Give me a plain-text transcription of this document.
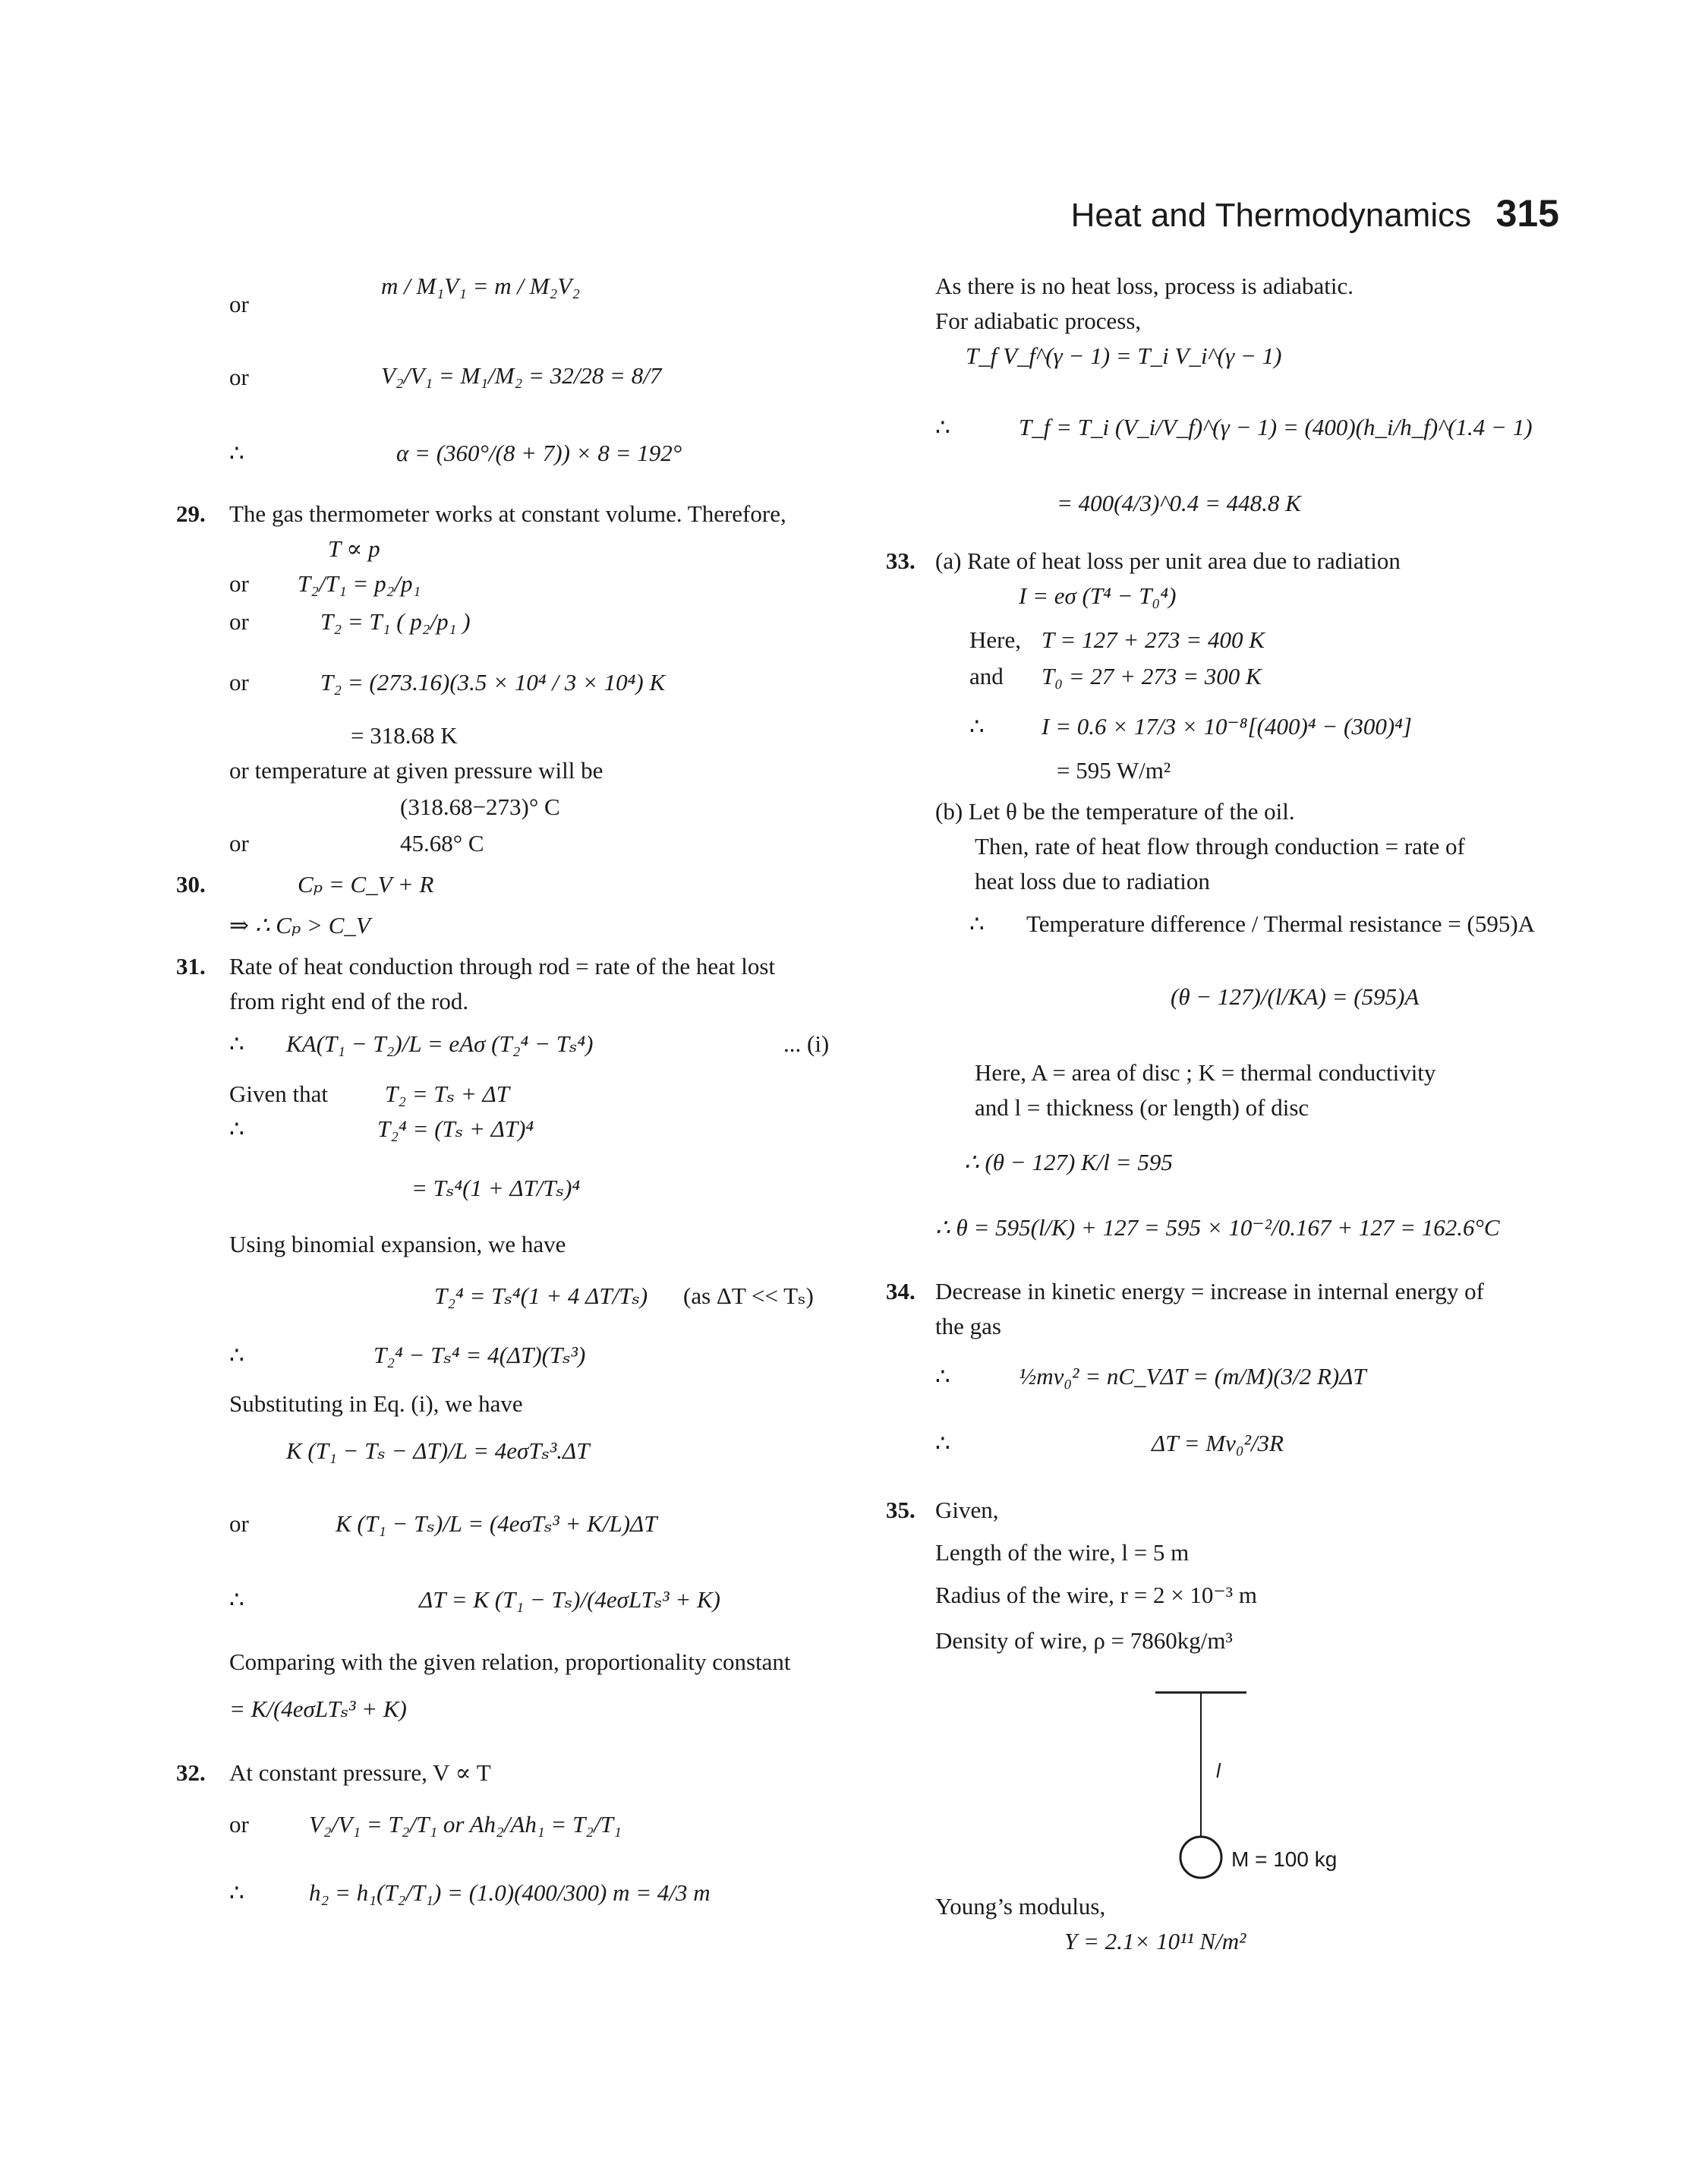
Heat and Thermodynamics 315
or
m / M₁V₁ = m / M₂V₂
or	V₂/V₁ = M₁/M₂ = 32/28 = 8/7
∴	α = (360°/(8 + 7)) × 8 = 192°
29. The gas thermometer works at constant volume. Therefore,
T ∝ p
or T₂/T₁ = p₂/p₁
or	T₂ = T₁ ( p₂/p₁ )
or	T₂ = (273.16)(3.5 × 10⁴ / 3 × 10⁴) K
= 318.68 K
or temperature at given pressure will be
(318.68−273)° C
or	45.68° C
30.	Cₚ = C_V + R
⇒ ∴ Cₚ > C_V
31. Rate of heat conduction through rod = rate of the heat lost
from right end of the rod.
∴ KA(T₁ − T₂)/L = eAσ (T₂⁴ − Tₛ⁴)	... (i)
Given that T₂ = Tₛ + ΔT
∴	T₂⁴ = (Tₛ + ΔT)⁴
= Tₛ⁴(1 + ΔT/Tₛ)⁴
Using binomial expansion, we have
T₂⁴ = Tₛ⁴(1 + 4 ΔT/Tₛ) (as ΔT << Tₛ)
∴	T₂⁴ − Tₛ⁴ = 4(ΔT)(Tₛ³)
Substituting in Eq. (i), we have
K (T₁ − Tₛ − ΔT)/L = 4eσTₛ³.ΔT
or	K (T₁ − Tₛ)/L = (4eσTₛ³ + K/L)ΔT
∴	ΔT = K (T₁ − Tₛ)/(4eσLTₛ³ + K)
Comparing with the given relation, proportionality constant
= K/(4eσLTₛ³ + K)
32. At constant pressure, V ∝ T
or	V₂/V₁ = T₂/T₁ or Ah₂/Ah₁ = T₂/T₁
∴	h₂ = h₁(T₂/T₁) = (1.0)(400/300) m = 4/3 m
As there is no heat loss, process is adiabatic.
For adiabatic process,
T_f V_f^(γ − 1) = T_i V_i^(γ − 1)
∴	T_f = T_i (V_i/V_f)^(γ − 1) = (400)(h_i/h_f)^(1.4 − 1)
= 400(4/3)^0.4 = 448.8 K
33. (a) Rate of heat loss per unit area due to radiation
I = eσ (T⁴ − T₀⁴)
Here, T = 127 + 273 = 400 K
and T₀ = 27 + 273 = 300 K
∴ I = 0.6 × 17/3 × 10⁻⁸[(400)⁴ − (300)⁴]
= 595 W/m²
(b) Let θ be the temperature of the oil.
Then, rate of heat flow through conduction = rate of
heat loss due to radiation
∴ Temperature difference / Thermal resistance = (595)A
(θ − 127)/(l/KA) = (595)A
Here, A = area of disc ; K = thermal conductivity
and l = thickness (or length) of disc
∴ (θ − 127) K/l = 595
∴ θ = 595(l/K) + 127 = 595 × 10⁻²/0.167 + 127 = 162.6°C
34. Decrease in kinetic energy = increase in internal energy of
the gas
∴	½mv₀² = nC_VΔT = (m/M)(3/2 R)ΔT
∴	ΔT = Mv₀²/3R
35. Given,
Length of the wire, l = 5 m
Radius of the wire, r = 2 × 10⁻³ m
Density of wire, ρ = 7860kg/m³
l
M = 100 kg
Young’s modulus,
Y = 2.1× 10¹¹ N/m²
